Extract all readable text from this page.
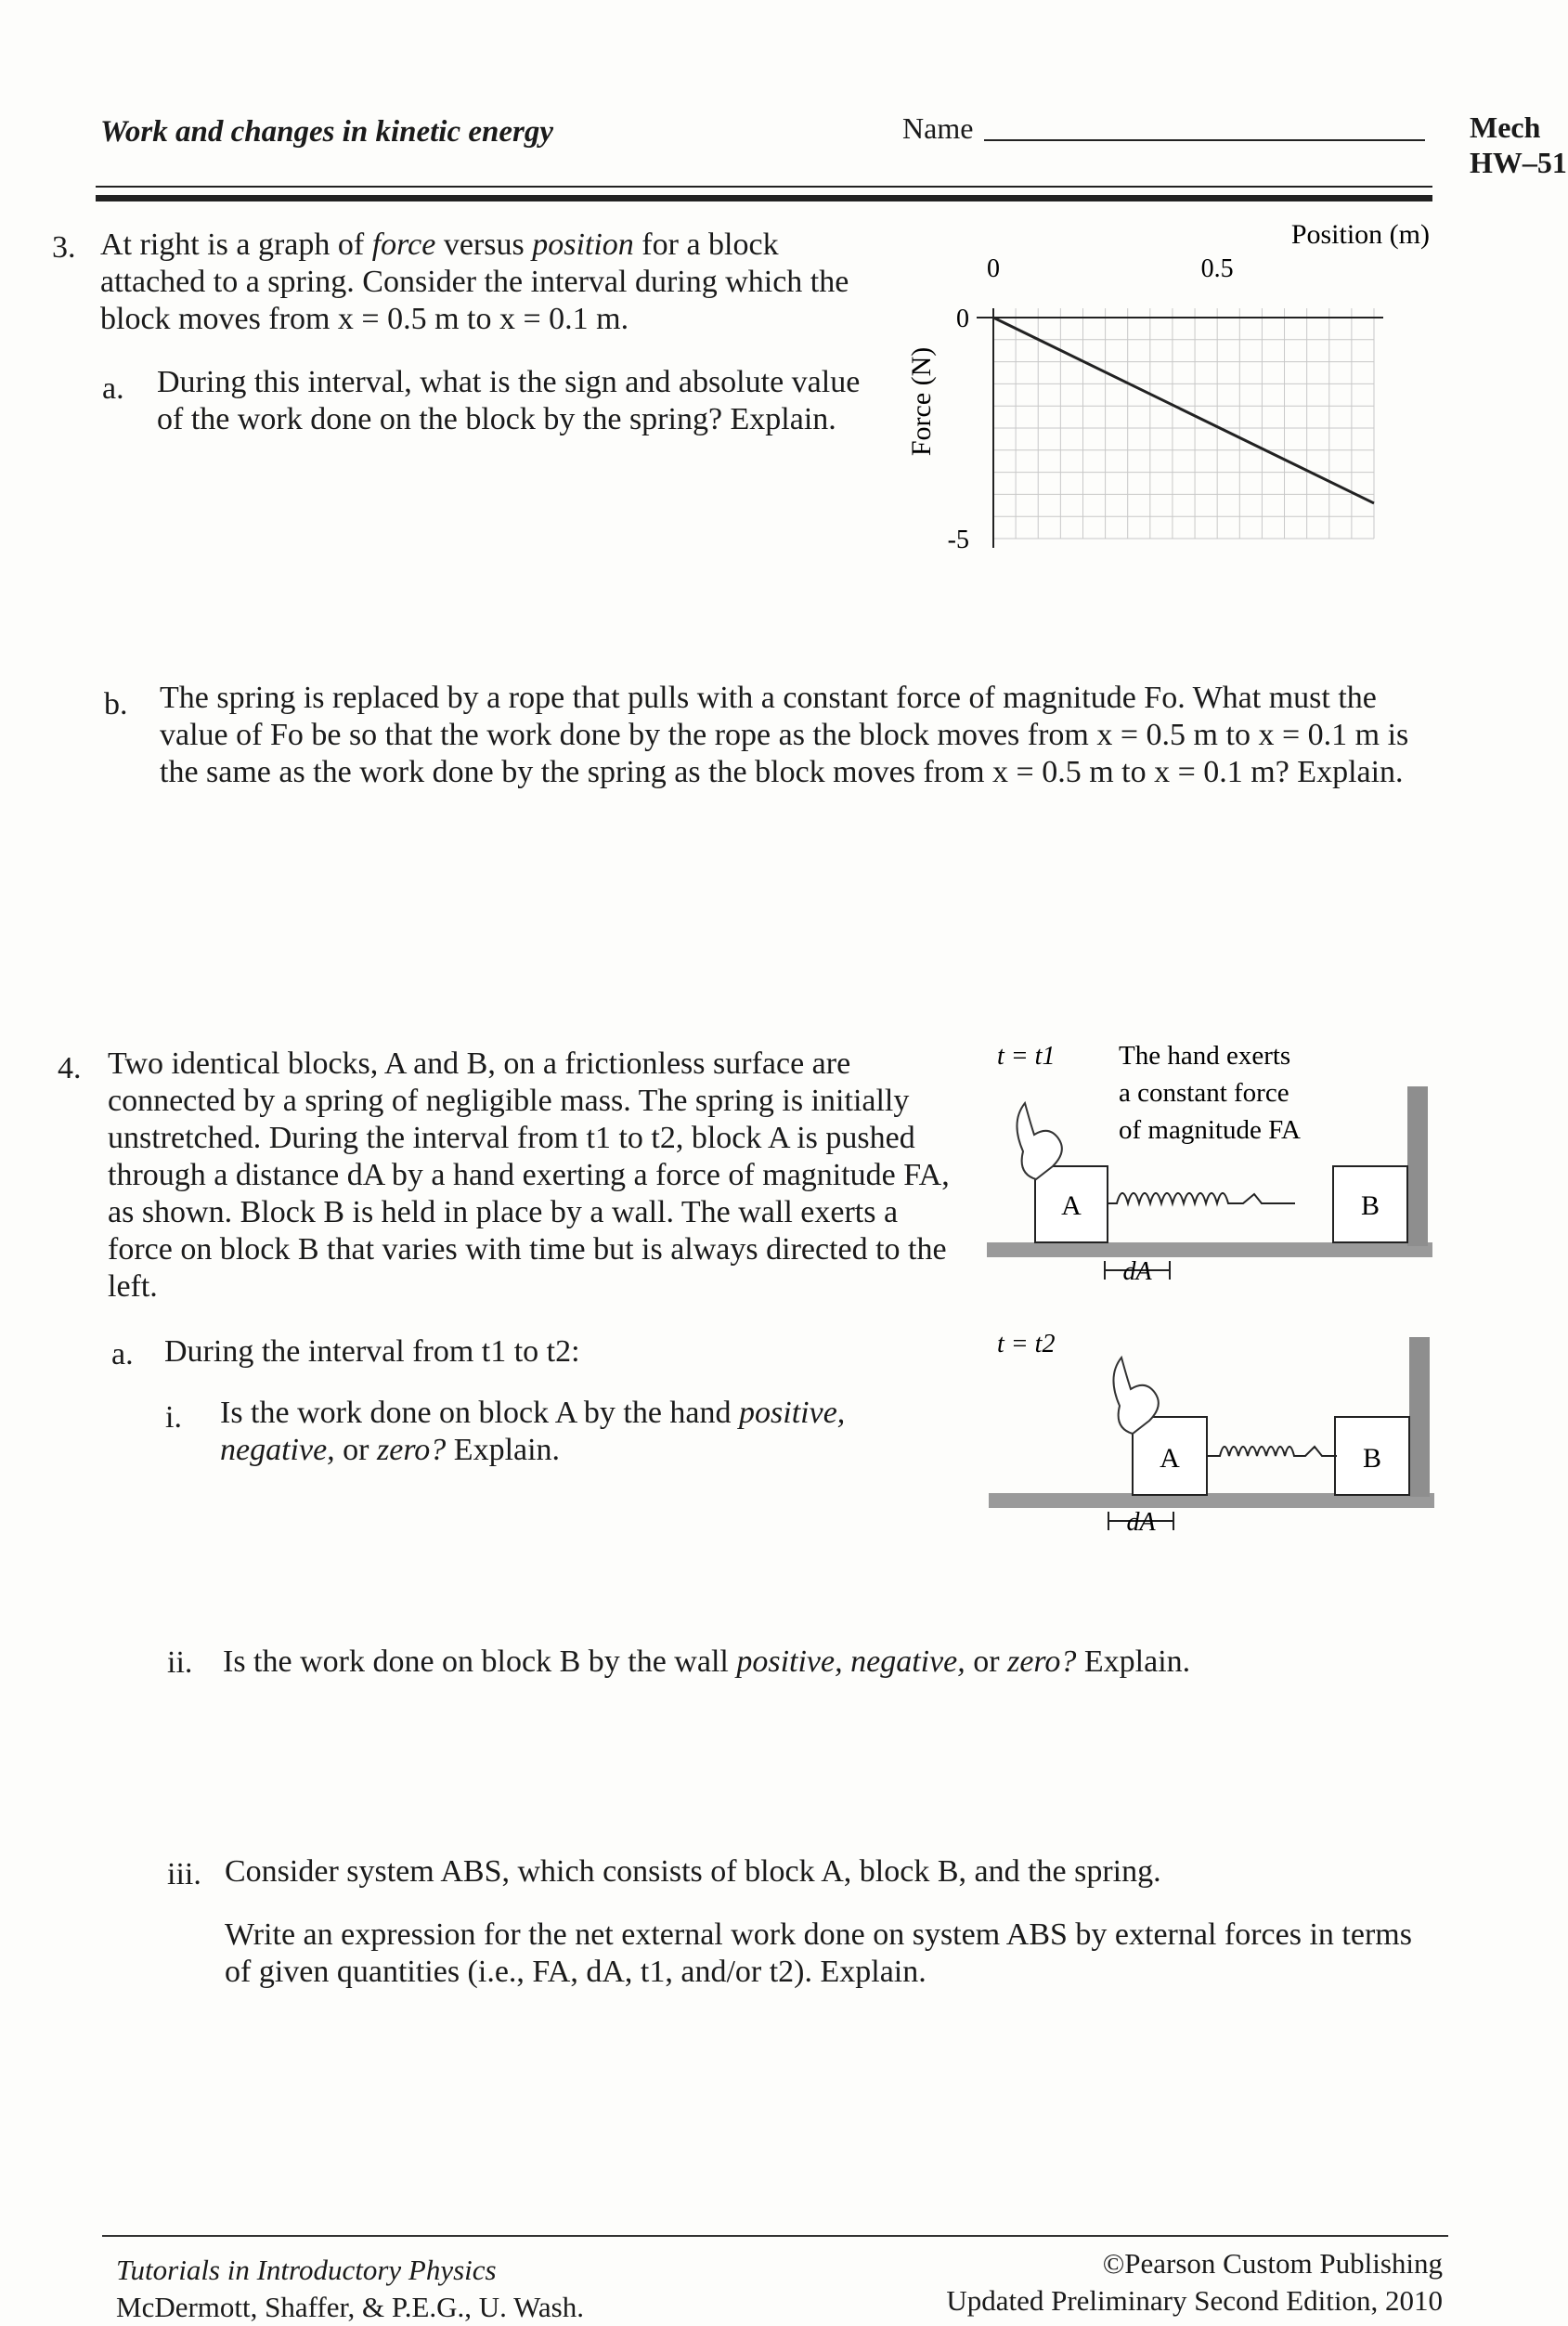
Work and changes in kinetic energy	Name	Mech
HW–51
3. At right is a graph of force versus position for a block attached to a spring. Consider the interval during which the block moves from x = 0.5 m to x = 0.1 m.
a. During this interval, what is the sign and absolute value of the work done on the block by the spring? Explain.
0	0.5
0
-5
Position (m)
Force (N)
b. The spring is replaced by a rope that pulls with a constant force of magnitude Fo. What must the value of Fo be so that the work done by the rope as the block moves from x = 0.5 m to x = 0.1 m is the same as the work done by the spring as the block moves from x = 0.5 m to x = 0.1 m? Explain.
4. Two identical blocks, A and B, on a frictionless surface are connected by a spring of negligible mass. The spring is initially unstretched. During the interval from t1 to t2, block A is pushed through a distance dA by a hand exerting a force of magnitude FA, as shown. Block B is held in place by a wall. The wall exerts a force on block B that varies with time but is always directed to the left.
a. During the interval from t1 to t2:
i. Is the work done on block A by the hand positive, negative, or zero? Explain.
ii. Is the work done on block B by the wall positive, negative, or zero? Explain.
iii. Consider system ABS, which consists of block A, block B, and the spring.
Write an expression for the net external work done on system ABS by external forces in terms of given quantities (i.e., FA, dA, t1, and/or t2). Explain.
t = t1 The hand exerts
a constant force
of magnitude FA
A	B
dA
t = t2
A	B
dA
Tutorials in Introductory Physics
McDermott, Shaffer, & P.E.G., U. Wash.
©Pearson Custom Publishing
Updated Preliminary Second Edition, 2010
